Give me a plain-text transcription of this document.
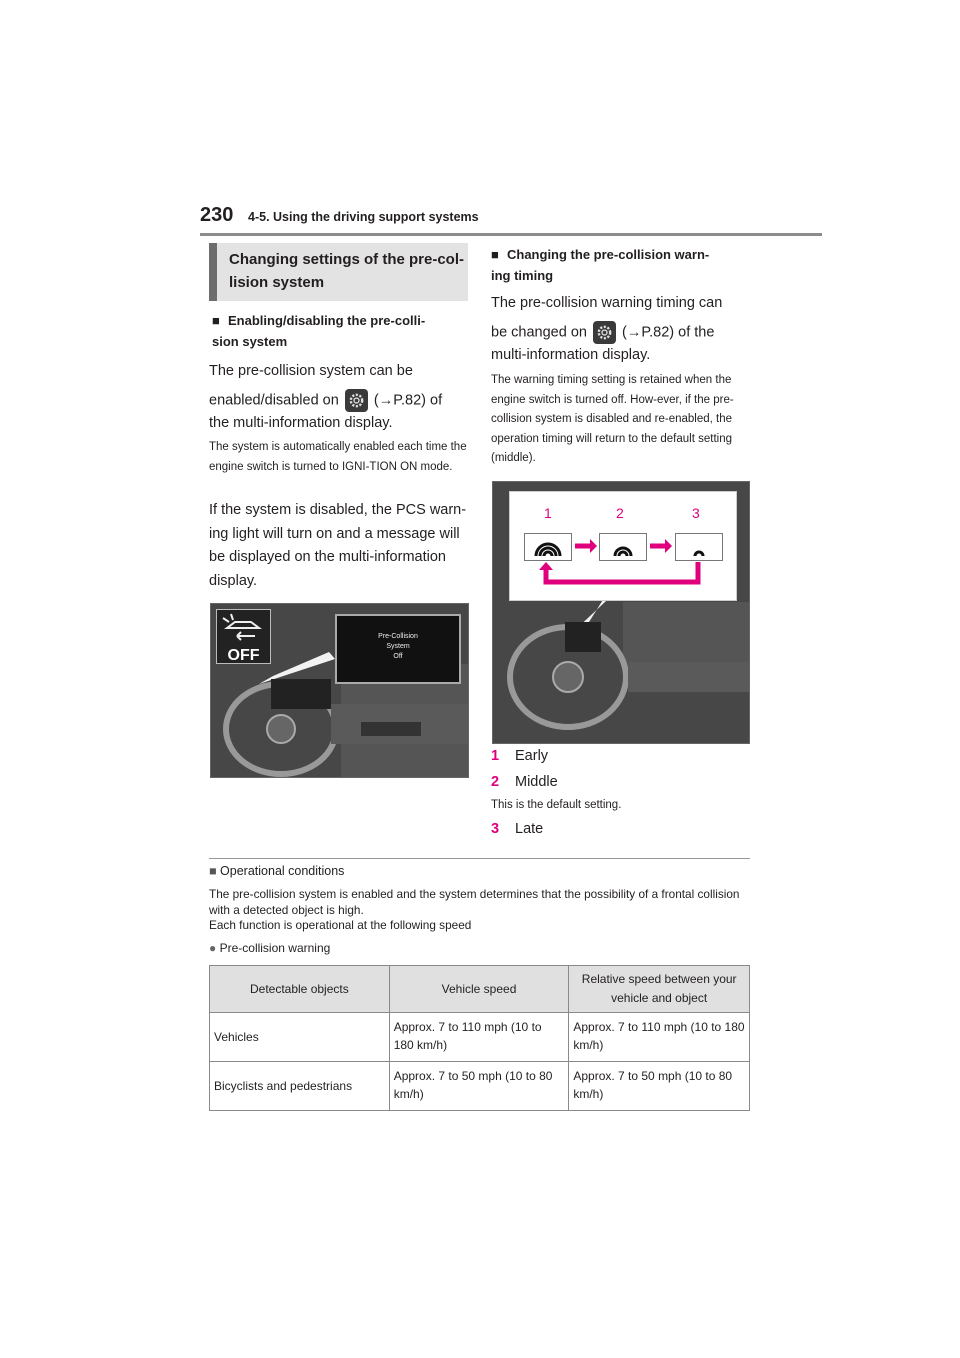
230 4-5. Using the driving support systems
Changing settings of the pre-col-
lision system
■ Enabling/disabling the pre-colli-
sion system
The pre-collision system can be
enabled/disabled on (→P.82) of
the multi-information display.
The system is automatically enabled each time the engine switch is turned to IGNI-TION ON mode.
If the system is disabled, the PCS warn-ing light will turn on and a message will be displayed on the multi-information display.
OFF
Pre-Collision
System
Off
■ Changing the pre-collision warn-
ing timing
The pre-collision warning timing can
be changed on (→P.82) of the
multi-information display.
The warning timing setting is retained when the engine switch is turned off. How-ever, if the pre-collision system is disabled and re-enabled, the operation timing will return to the default setting (middle).
1	2	3
1 Early
2 Middle
This is the default setting.
3 Late
■ Operational conditions
The pre-collision system is enabled and the system determines that the possibility of a frontal collision with a detected object is high.
Each function is operational at the following speed
● Pre-collision warning
Detectable objects	Vehicle speed	Relative speed between your vehicle and object
Vehicles	Approx. 7 to 110 mph (10 to 180 km/h)	Approx. 7 to 110 mph (10 to 180 km/h)
Bicyclists and pedestrians	Approx. 7 to 50 mph (10 to 80 km/h)	Approx. 7 to 50 mph (10 to 80 km/h)
